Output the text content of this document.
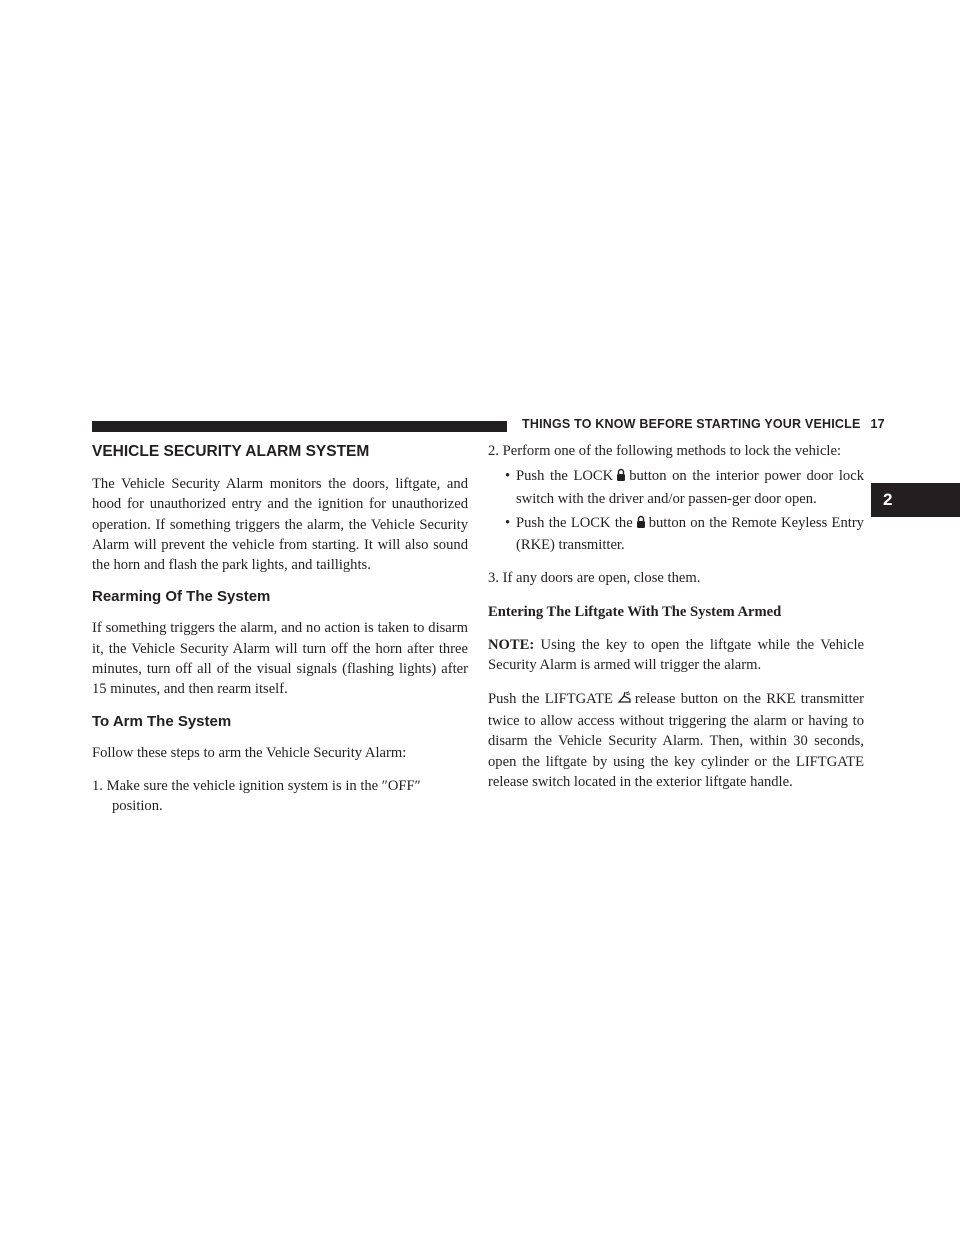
THINGS TO KNOW BEFORE STARTING YOUR VEHICLE 17
2
VEHICLE SECURITY ALARM SYSTEM

The Vehicle Security Alarm monitors the doors, liftgate, and hood for unauthorized entry and the ignition for unauthorized operation. If something triggers the alarm, the Vehicle Security Alarm will prevent the vehicle from starting. It will also sound the horn and flash the park lights, and taillights.

Rearming Of The System

If something triggers the alarm, and no action is taken to disarm it, the Vehicle Security Alarm will turn off the horn after three minutes, turn off all of the visual signals (flashing lights) after 15 minutes, and then rearm itself.

To Arm The System

Follow these steps to arm the Vehicle Security Alarm:

1. Make sure the vehicle ignition system is in the ″OFF″ position.

2. Perform one of the following methods to lock the vehicle:

• Push the LOCK button on the interior power door lock switch with the driver and/or passen-ger door open.

• Push the LOCK the button on the Remote Keyless Entry (RKE) transmitter.

3. If any doors are open, close them.

Entering The Liftgate With The System Armed

NOTE: Using the key to open the liftgate while the Vehicle Security Alarm is armed will trigger the alarm.

Push the LIFTGATE release button on the RKE transmitter twice to allow access without triggering the alarm or having to disarm the Vehicle Security Alarm. Then, within 30 seconds, open the liftgate by using the key cylinder or the LIFTGATE release switch located in the exterior liftgate handle.
